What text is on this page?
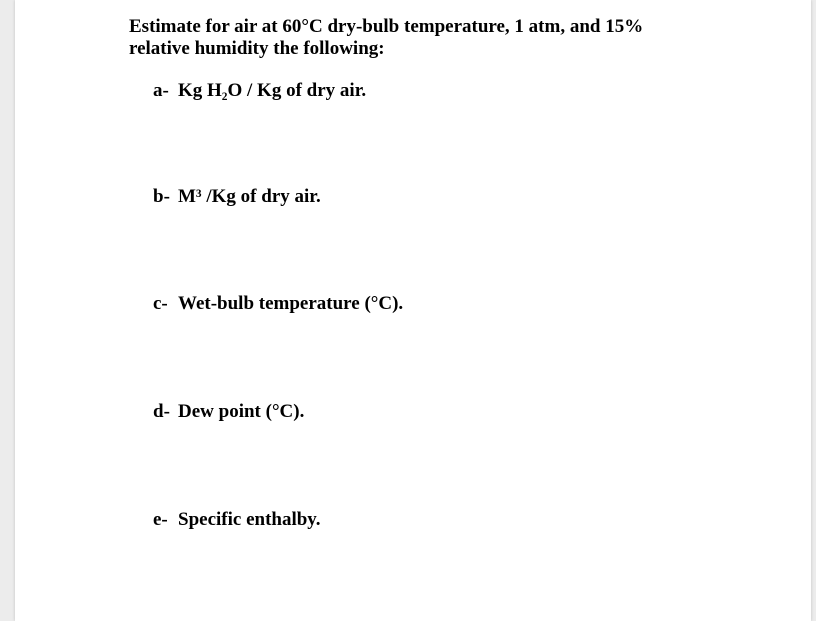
Estimate for air at 60°C dry-bulb temperature, 1 atm, and 15%
relative humidity the following:
a- Kg H₂O / Kg of dry air.
b- M³ /Kg of dry air.
c- Wet-bulb temperature (°C).
d- Dew point (°C).
e- Specific enthalby.
